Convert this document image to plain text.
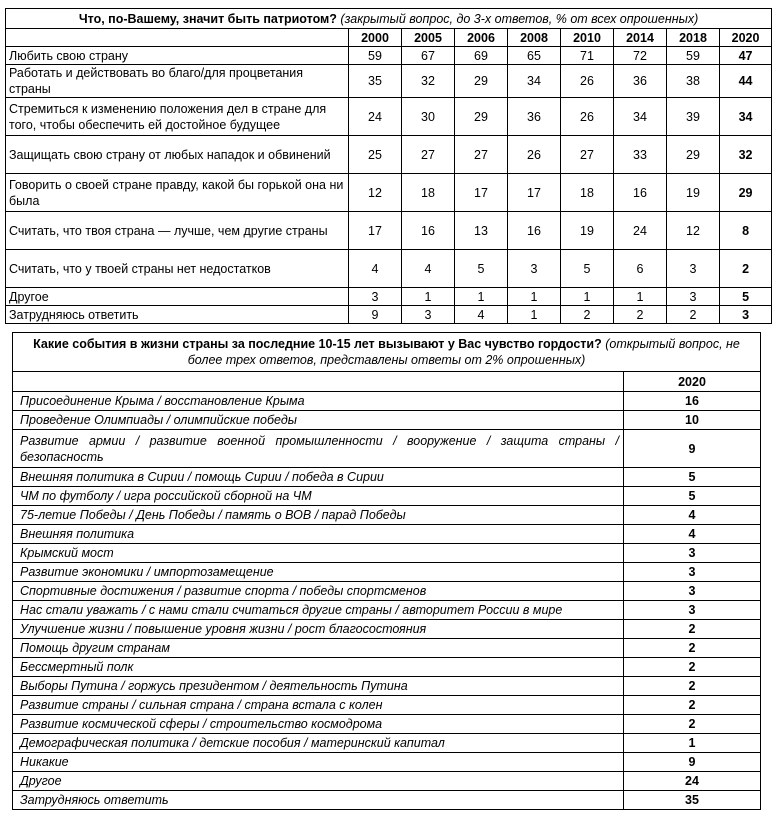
Что, по-Вашему, значит быть патриотом? (закрытый вопрос, до 3-х ответов, % от всех опрошенных)								
	2000	2005	2006	2008	2010	2014	2018	2020
Любить свою страну	59	67	69	65	71	72	59	47
Работать и действовать во благо/для процветания страны	35	32	29	34	26	36	38	44
Стремиться к изменению положения дел в стране для того, чтобы обеспечить ей достойное будущее	24	30	29	36	26	34	39	34
Защищать свою страну от любых нападок и обвинений	25	27	27	26	27	33	29	32
Говорить о своей стране правду, какой бы горькой она ни была	12	18	17	17	18	16	19	29
Считать, что твоя страна — лучше, чем другие страны	17	16	13	16	19	24	12	8
Считать, что у твоей страны нет недостатков	4	4	5	3	5	6	3	2
Другое	3	1	1	1	1	1	3	5
Затрудняюсь ответить	9	3	4	1	2	2	2	3
Какие события в жизни страны за последние 10-15 лет вызывают у Вас чувство гордости? (открытый вопрос, не более трех ответов, представлены ответы от 2% опрошенных)	
	2020
Присоединение Крыма / восстановление Крыма	16
Проведение Олимпиады / олимпийские победы	10
Развитие армии / развитие военной промышленности / вооружение / защита страны / безопасность	9
Внешняя политика в Сирии / помощь Сирии / победа в Сирии	5
ЧМ по футболу / игра российской сборной на ЧМ	5
75-летие Победы / День Победы / память о ВОВ / парад Победы	4
Внешняя политика	4
Крымский мост	3
Развитие экономики / импортозамещение	3
Спортивные достижения / развитие спорта / победы спортсменов	3
Нас стали уважать / с нами стали считаться другие страны / авторитет России в мире	3
Улучшение жизни / повышение уровня жизни / рост благосостояния	2
Помощь другим странам	2
Бессмертный полк	2
Выборы Путина / горжусь президентом / деятельность Путина	2
Развитие страны / сильная страна / страна встала с колен	2
Развитие космической сферы / строительство космодрома	2
Демографическая политика / детские пособия / материнский капитал	1
Никакие	9
Другое	24
Затрудняюсь ответить	35
